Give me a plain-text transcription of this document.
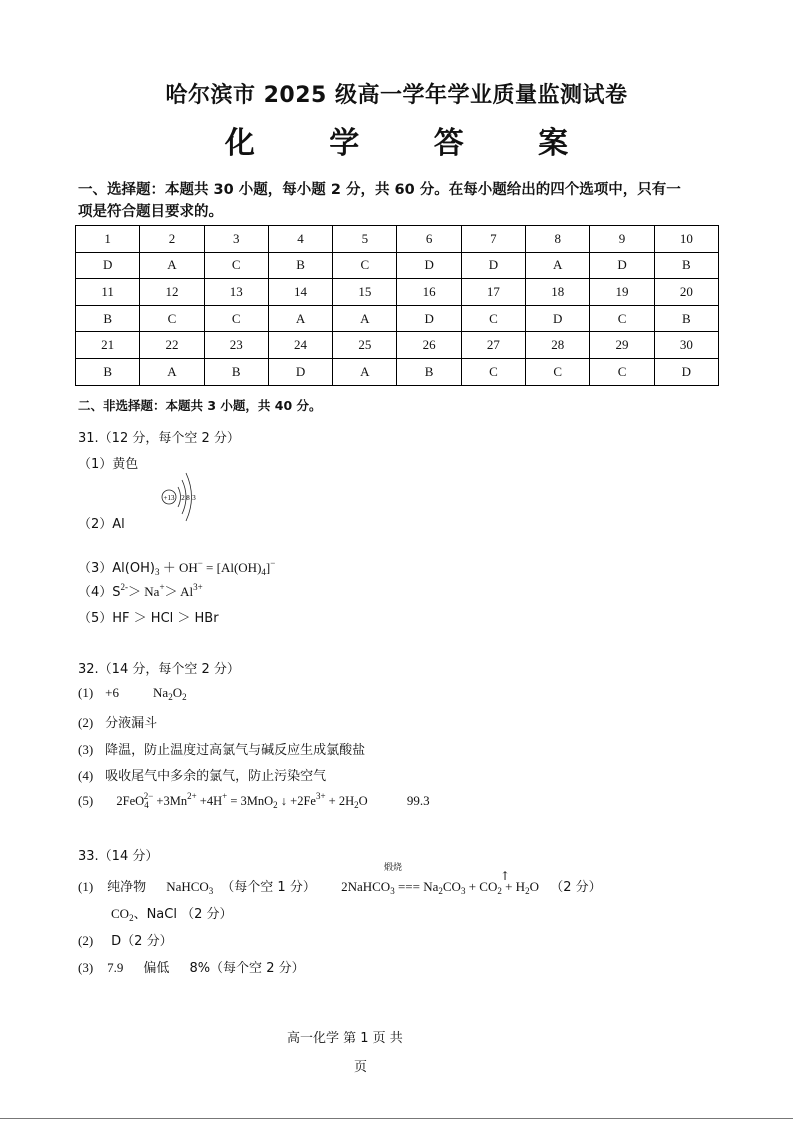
哈尔滨市 2025 级高一学年学业质量监测试卷
化 学 答 案
一、选择题：本题共 30 小题，每小题 2 分，共 60 分。在每小题给出的四个选项中，只有一
项是符合题目要求的。
1	2	3	4	5	6	7	8	9	10
D	A	C	B	C	D	D	A	D	B
11	12	13	14	15	16	17	18	19	20
B	C	C	A	A	D	C	D	C	B
21	22	23	24	25	26	27	28	29	30
B	A	B	D	A	B	C	C	C	D
二、非选择题：本题共 3 小题，共 40 分。
31.（12 分，每个空 2 分）
（1）黄色
+13 2 8 3
（2）Al
$(3)Al(OH)_3 + OH^- = [Al(OH)_4]^-$
$(4)S^{2-}> Na^+> Al^{3+}$
（5）HF ＞ HCl ＞ HBr
32.（14 分，每个空 2 分）
(1) +6	$Na_2O_2$
(2) 分液漏斗
(3) 降温，防止温度过高氯气与碱反应生成氯酸盐
(4) 吸收尾气中多余的氯气，防止污染空气
(5) $2FeO_4^{2-} +3Mn^{2+} +4H^+ = 3MnO_2$ ↓ $+2Fe^{3+} + 2H_2O$	99.3
33.（14 分）
煅烧
(1) 纯净物 NaHCO$_3$ （每个空 1 分） 2NaHCO$_3$ === $Na_2CO_3 + CO_2 + H_2O$ （2 分）
↑
$CO_2$、NaCl （2 分）
(2) D（2 分）
(3) 7.9 偏低 8%（每个空 2 分）
高一化学 第 1 页 共
页
